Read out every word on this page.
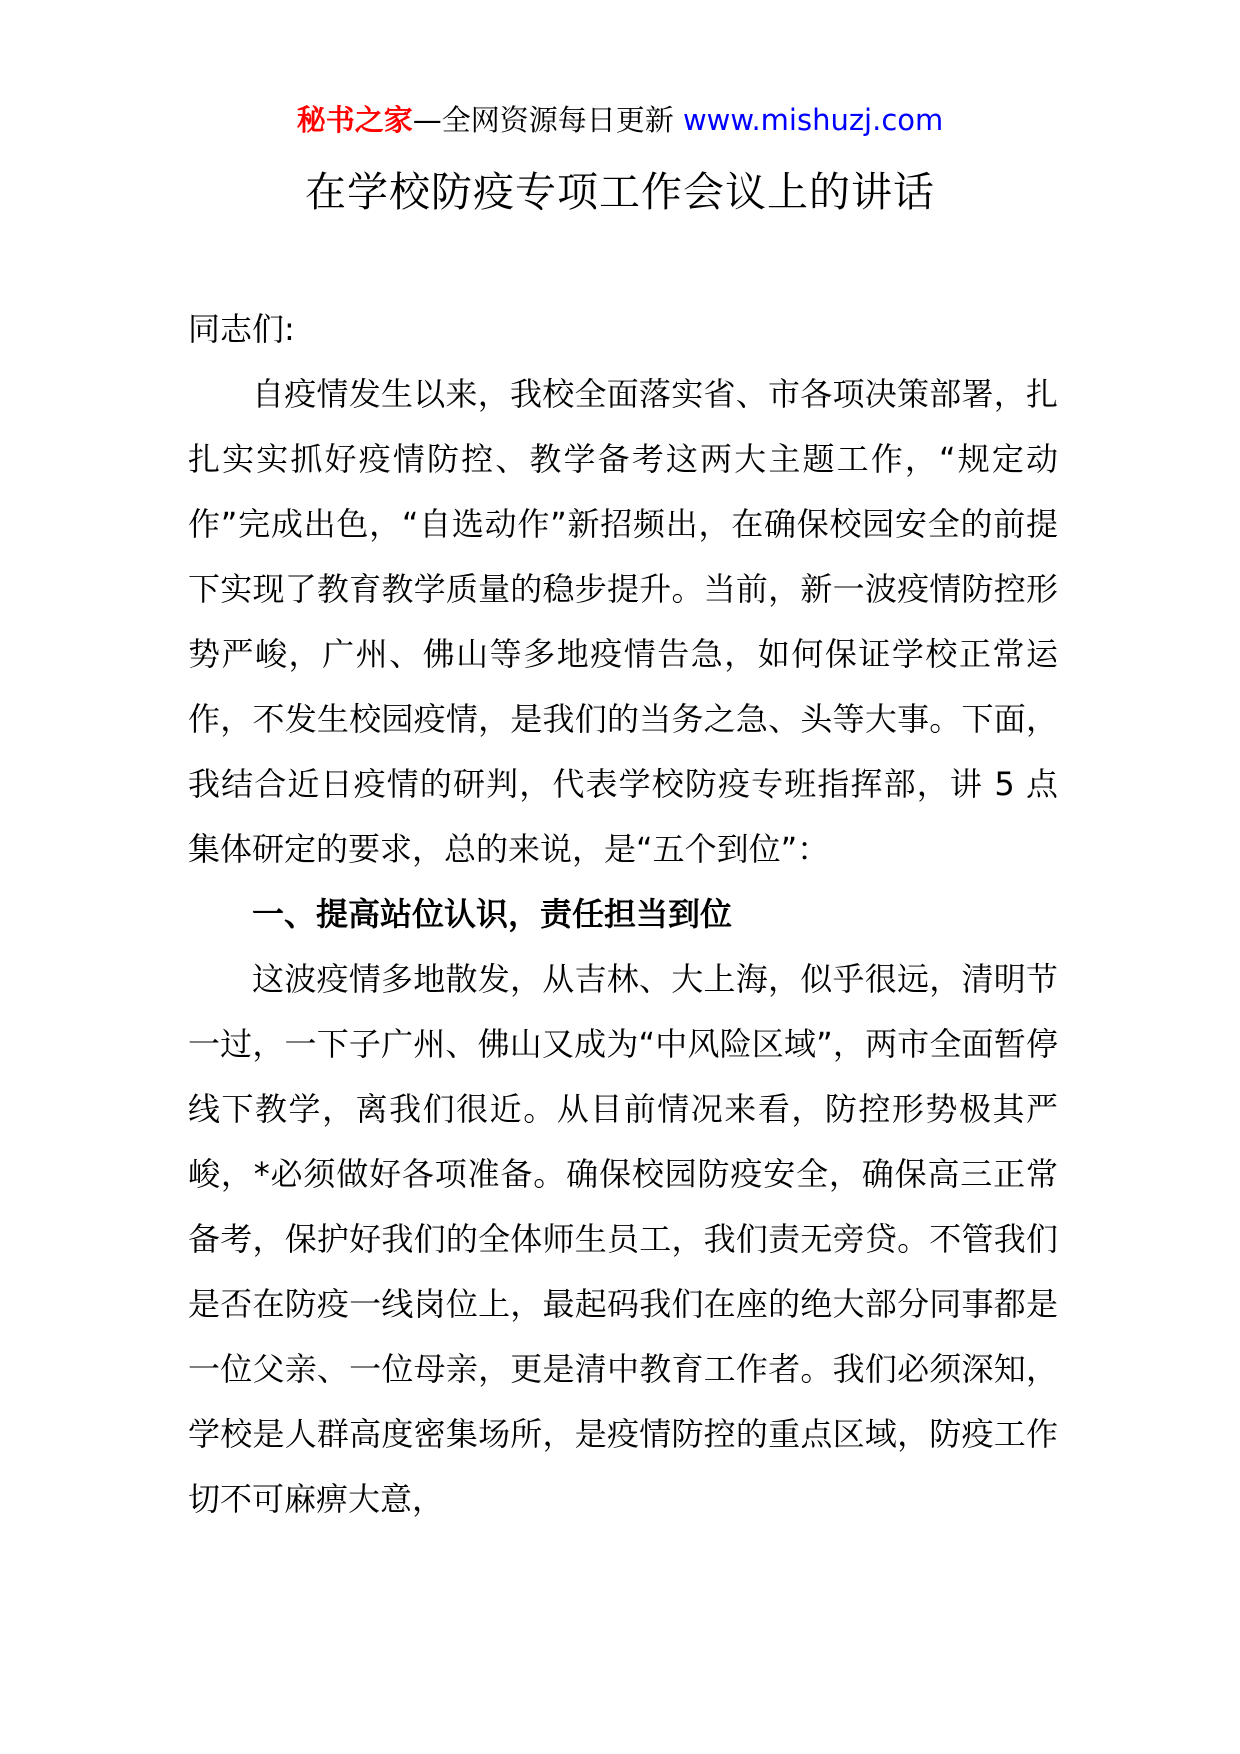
秘书之家—全网资源每日更新 www.mishuzj.com
在学校防疫专项工作会议上的讲话

同志们:

自疫情发生以来，我校全面落实省、市各项决策部署，扎扎实实抓好疫情防控、教学备考这两大主题工作，“规定动作”完成出色，“自选动作”新招频出，在确保校园安全的前提下实现了教育教学质量的稳步提升。当前，新一波疫情防控形势严峻，广州、佛山等多地疫情告急，如何保证学校正常运作，不发生校园疫情，是我们的当务之急、头等大事。下面，我结合近日疫情的研判，代表学校防疫专班指挥部，讲 5 点集体研定的要求，总的来说，是“五个到位”：

一、提高站位认识，责任担当到位

这波疫情多地散发，从吉林、大上海，似乎很远，清明节一过，一下子广州、佛山又成为“中风险区域”，两市全面暂停线下教学，离我们很近。从目前情况来看，防控形势极其严峻，*必须做好各项准备。确保校园防疫安全，确保高三正常备考，保护好我们的全体师生员工，我们责无旁贷。不管我们是否在防疫一线岗位上，最起码我们在座的绝大部分同事都是一位父亲、一位母亲，更是清中教育工作者。我们必须深知，学校是人群高度密集场所，是疫情防控的重点区域，防疫工作切不可麻痹大意，
